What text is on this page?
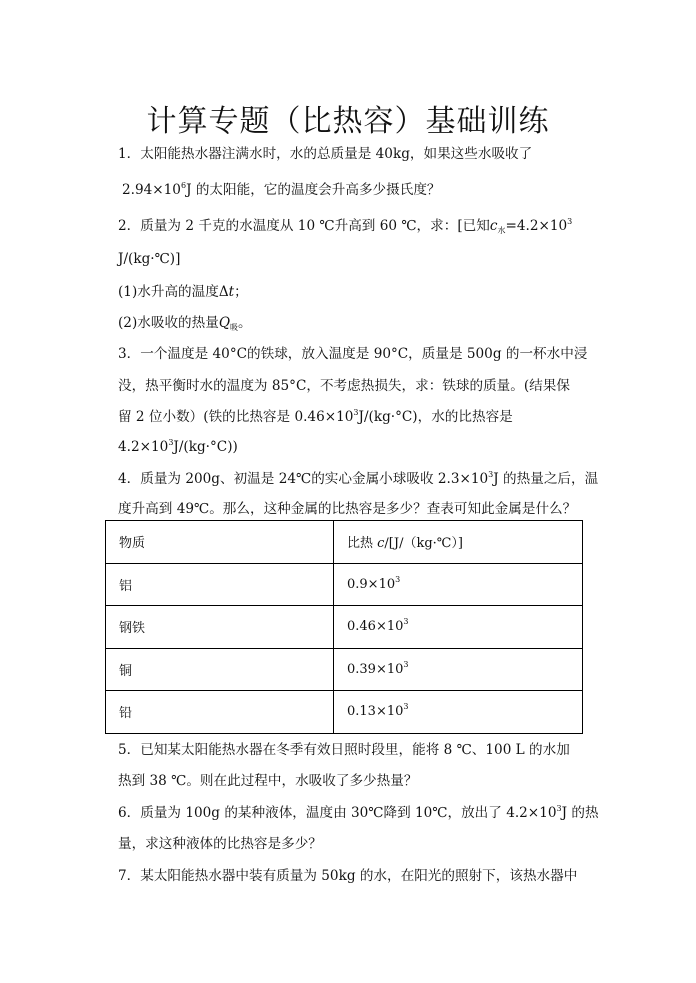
计算专题（比热容）基础训练
1．太阳能热水器注满水时，水的总质量是 40kg，如果这些水吸收了
$2.94\times 10^6J$ 的太阳能，它的温度会升高多少摄氏度？
2．质量为 2 千克的水温度从 10 ℃升高到 60 ℃，求：[已知$c_水=4.2\times 10^3$
J/(kg·℃)]
(1)水升高的温度Δt；
(2)水吸收的热量$Q_吸$。
3．一个温度是 40°C的铁球，放入温度是 90°C，质量是 500g 的一杯水中浸
没，热平衡时水的温度为 85°C，不考虑热损失，求：铁球的质量。(结果保
留 2 位小数）(铁的比热容是 $0.46\times 10^3J/(kg\cdot^\circ C)$，水的比热容是
$4.2\times 10^3J/(kg\cdot^\circ C)$)
4．质量为 200g、初温是 24℃的实心金属小球吸收 $2.3\times 10^3J$ 的热量之后，温
度升高到 49℃。那么，这种金属的比热容是多少？查表可知此金属是什么？
物质	比热 c/[J/（kg·℃）]
铝	$0.9\times 10^3$
钢铁	$0.46\times 10^3$
铜	$0.39\times 10^3$
铅	$0.13\times 10^3$
5．已知某太阳能热水器在冬季有效日照时段里，能将 8 ℃、100 L 的水加
热到 38 ℃。则在此过程中，水吸收了多少热量？
6．质量为 100g 的某种液体，温度由 30℃降到 10℃，放出了 $4.2\times 10^3J$ 的热
量，求这种液体的比热容是多少？
7．某太阳能热水器中装有质量为 50kg 的水，在阳光的照射下，该热水器中
